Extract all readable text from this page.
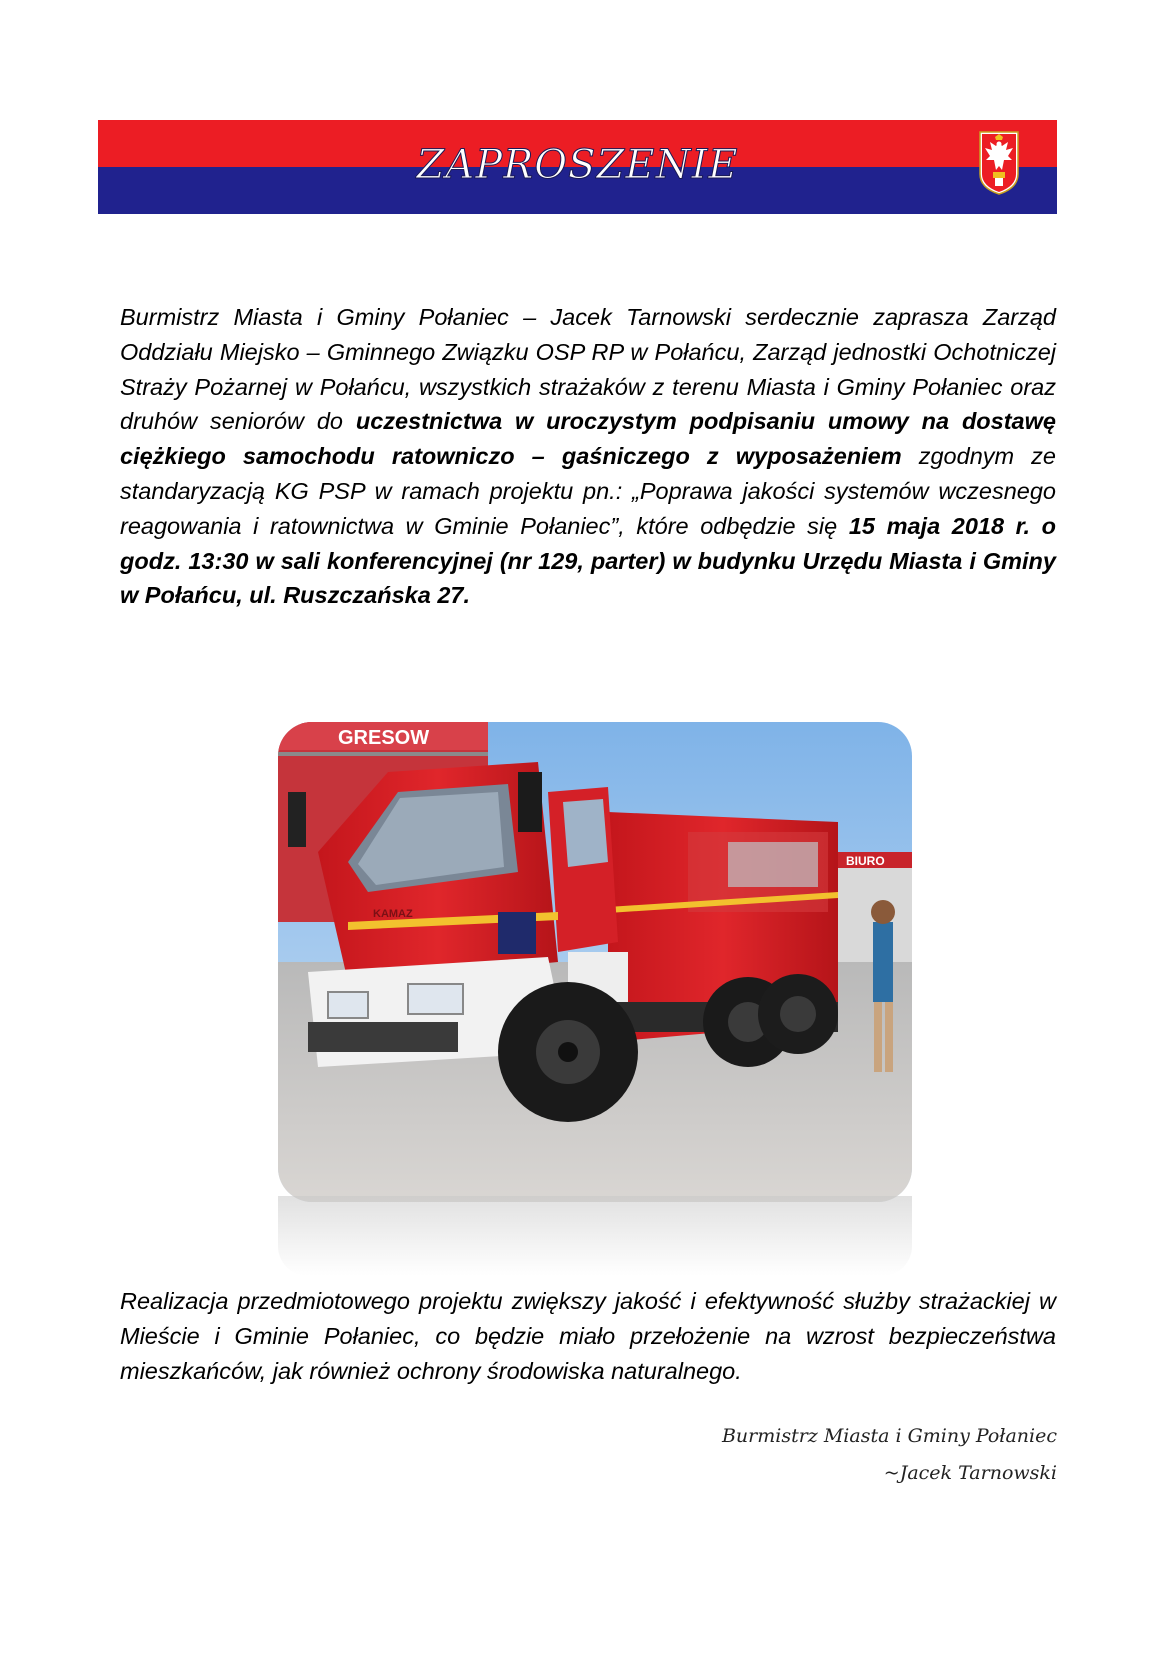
ZAPROSZENIE
Burmistrz Miasta i Gminy Połaniec – Jacek Tarnowski serdecznie zaprasza Zarząd Oddziału Miejsko – Gminnego Związku OSP RP w Połańcu, Zarząd jednostki Ochotniczej Straży Pożarnej w Połańcu, wszystkich strażaków z terenu Miasta i Gminy Połaniec oraz druhów seniorów do uczestnictwa w uroczystym podpisaniu umowy na dostawę ciężkiego samochodu ratowniczo – gaśniczego z wyposażeniem zgodnym ze standaryzacją KG PSP w ramach projektu pn.: „Poprawa jakości systemów wczesnego reagowania i ratownictwa w Gminie Połaniec”, które odbędzie się 15 maja 2018 r. o godz. 13:30 w sali konferencyjnej (nr 129, parter) w budynku Urzędu Miasta i Gminy w Połańcu, ul. Ruszczańska 27.
GRESOW
BIURO
KAMAZ
Realizacja przedmiotowego projektu zwiększy jakość i efektywność służby strażackiej w Mieście i Gminie Połaniec, co będzie miało przełożenie na wzrost bezpieczeństwa mieszkańców, jak również ochrony środowiska naturalnego.
Burmistrz Miasta i Gminy Połaniec
~Jacek Tarnowski
